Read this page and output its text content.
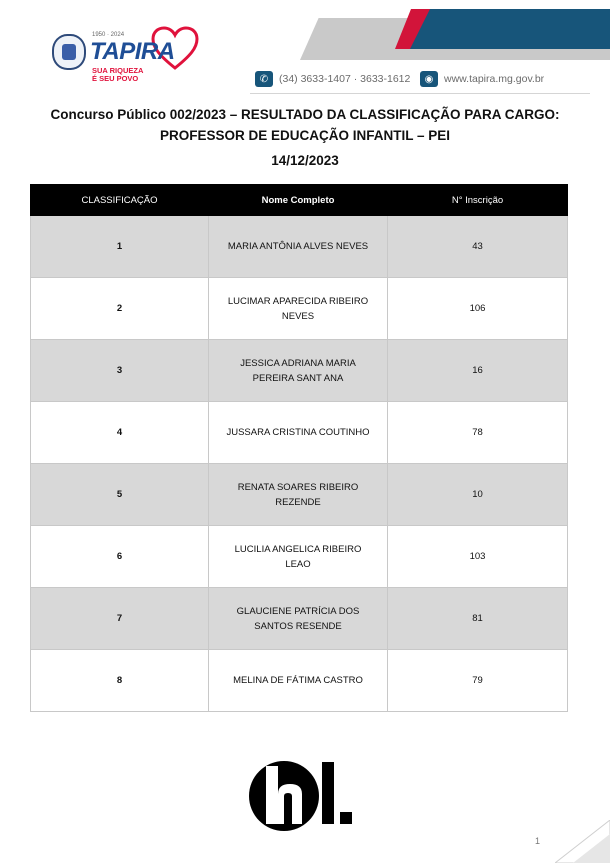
1950 · 2024
TAPIRA
SUA RIQUEZA
É SEU POVO	✆	(34) 3633-1407 · 3633-1612	◉	www.tapira.mg.gov.br
Concurso Público 002/2023 – RESULTADO DA CLASSIFICAÇÃO PARA CARGO: PROFESSOR DE EDUCAÇÃO INFANTIL – PEI
14/12/2023
CLASSIFICAÇÃO	Nome Completo	N° Inscrição
1	MARIA ANTÔNIA ALVES NEVES	43
2	LUCIMAR APARECIDA RIBEIRO NEVES	106
3	JESSICA ADRIANA MARIA PEREIRA SANT ANA	16
4	JUSSARA CRISTINA COUTINHO	78
5	RENATA SOARES RIBEIRO REZENDE	10
6	LUCILIA ANGELICA RIBEIRO LEAO	103
7	GLAUCIENE PATRÍCIA DOS SANTOS RESENDE	81
8	MELINA DE FÁTIMA CASTRO	79
1
